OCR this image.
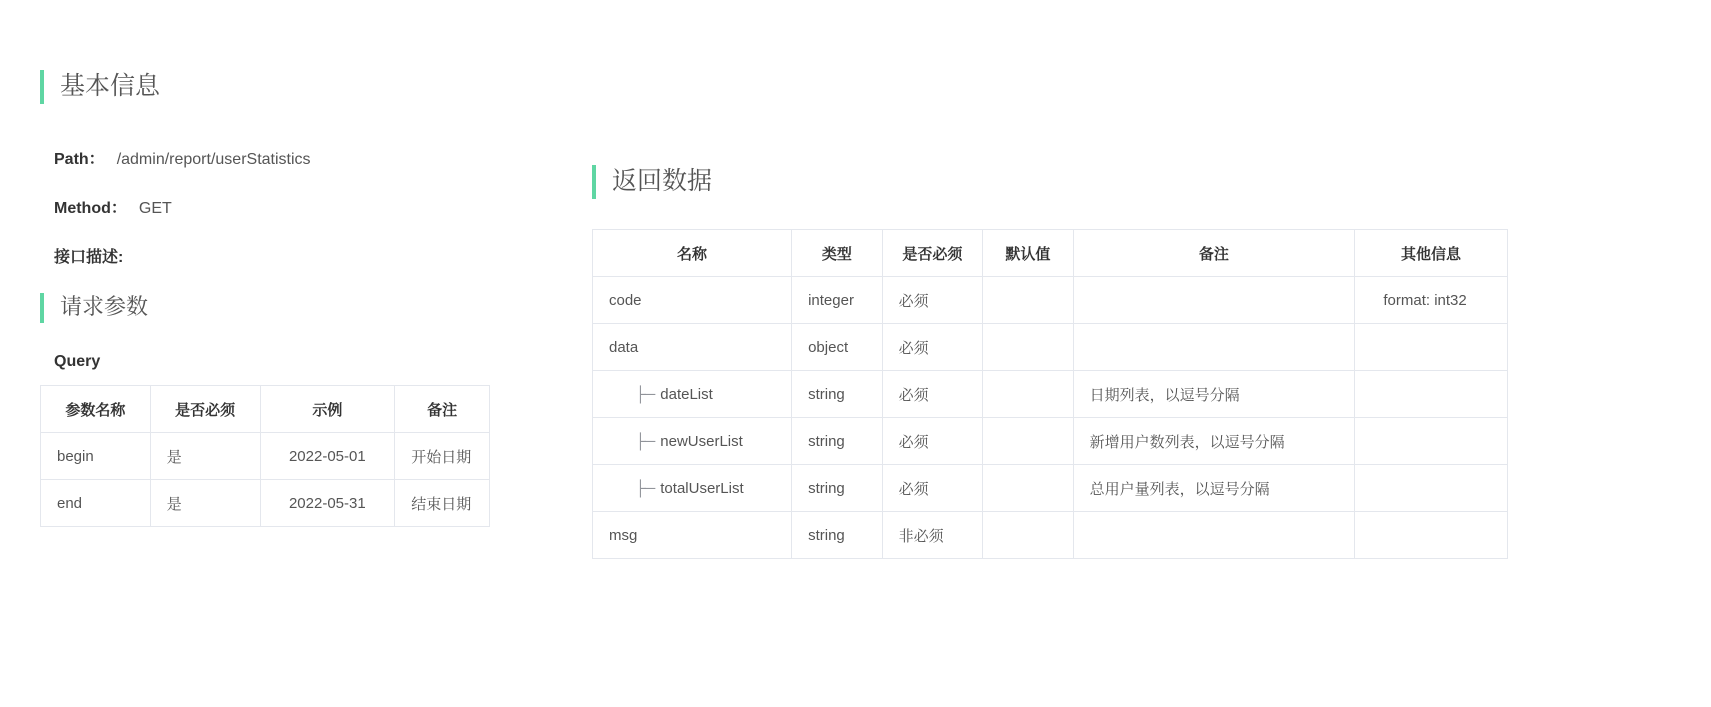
基本信息
Path： /admin/report/userStatistics
Method： GET
接口描述:
请求参数
Query
参数名称	是否必须	示例	备注
begin	是	2022-05-01	开始日期
end	是	2022-05-31	结束日期
返回数据
名称	类型	是否必须	默认值	备注	其他信息
code	integer	必须			format: int32
data	object	必须			
├─ dateList	string	必须		日期列表，以逗号分隔	
├─ newUserList	string	必须		新增用户数列表，以逗号分隔	
├─ totalUserList	string	必须		总用户量列表，以逗号分隔	
msg	string	非必须			
